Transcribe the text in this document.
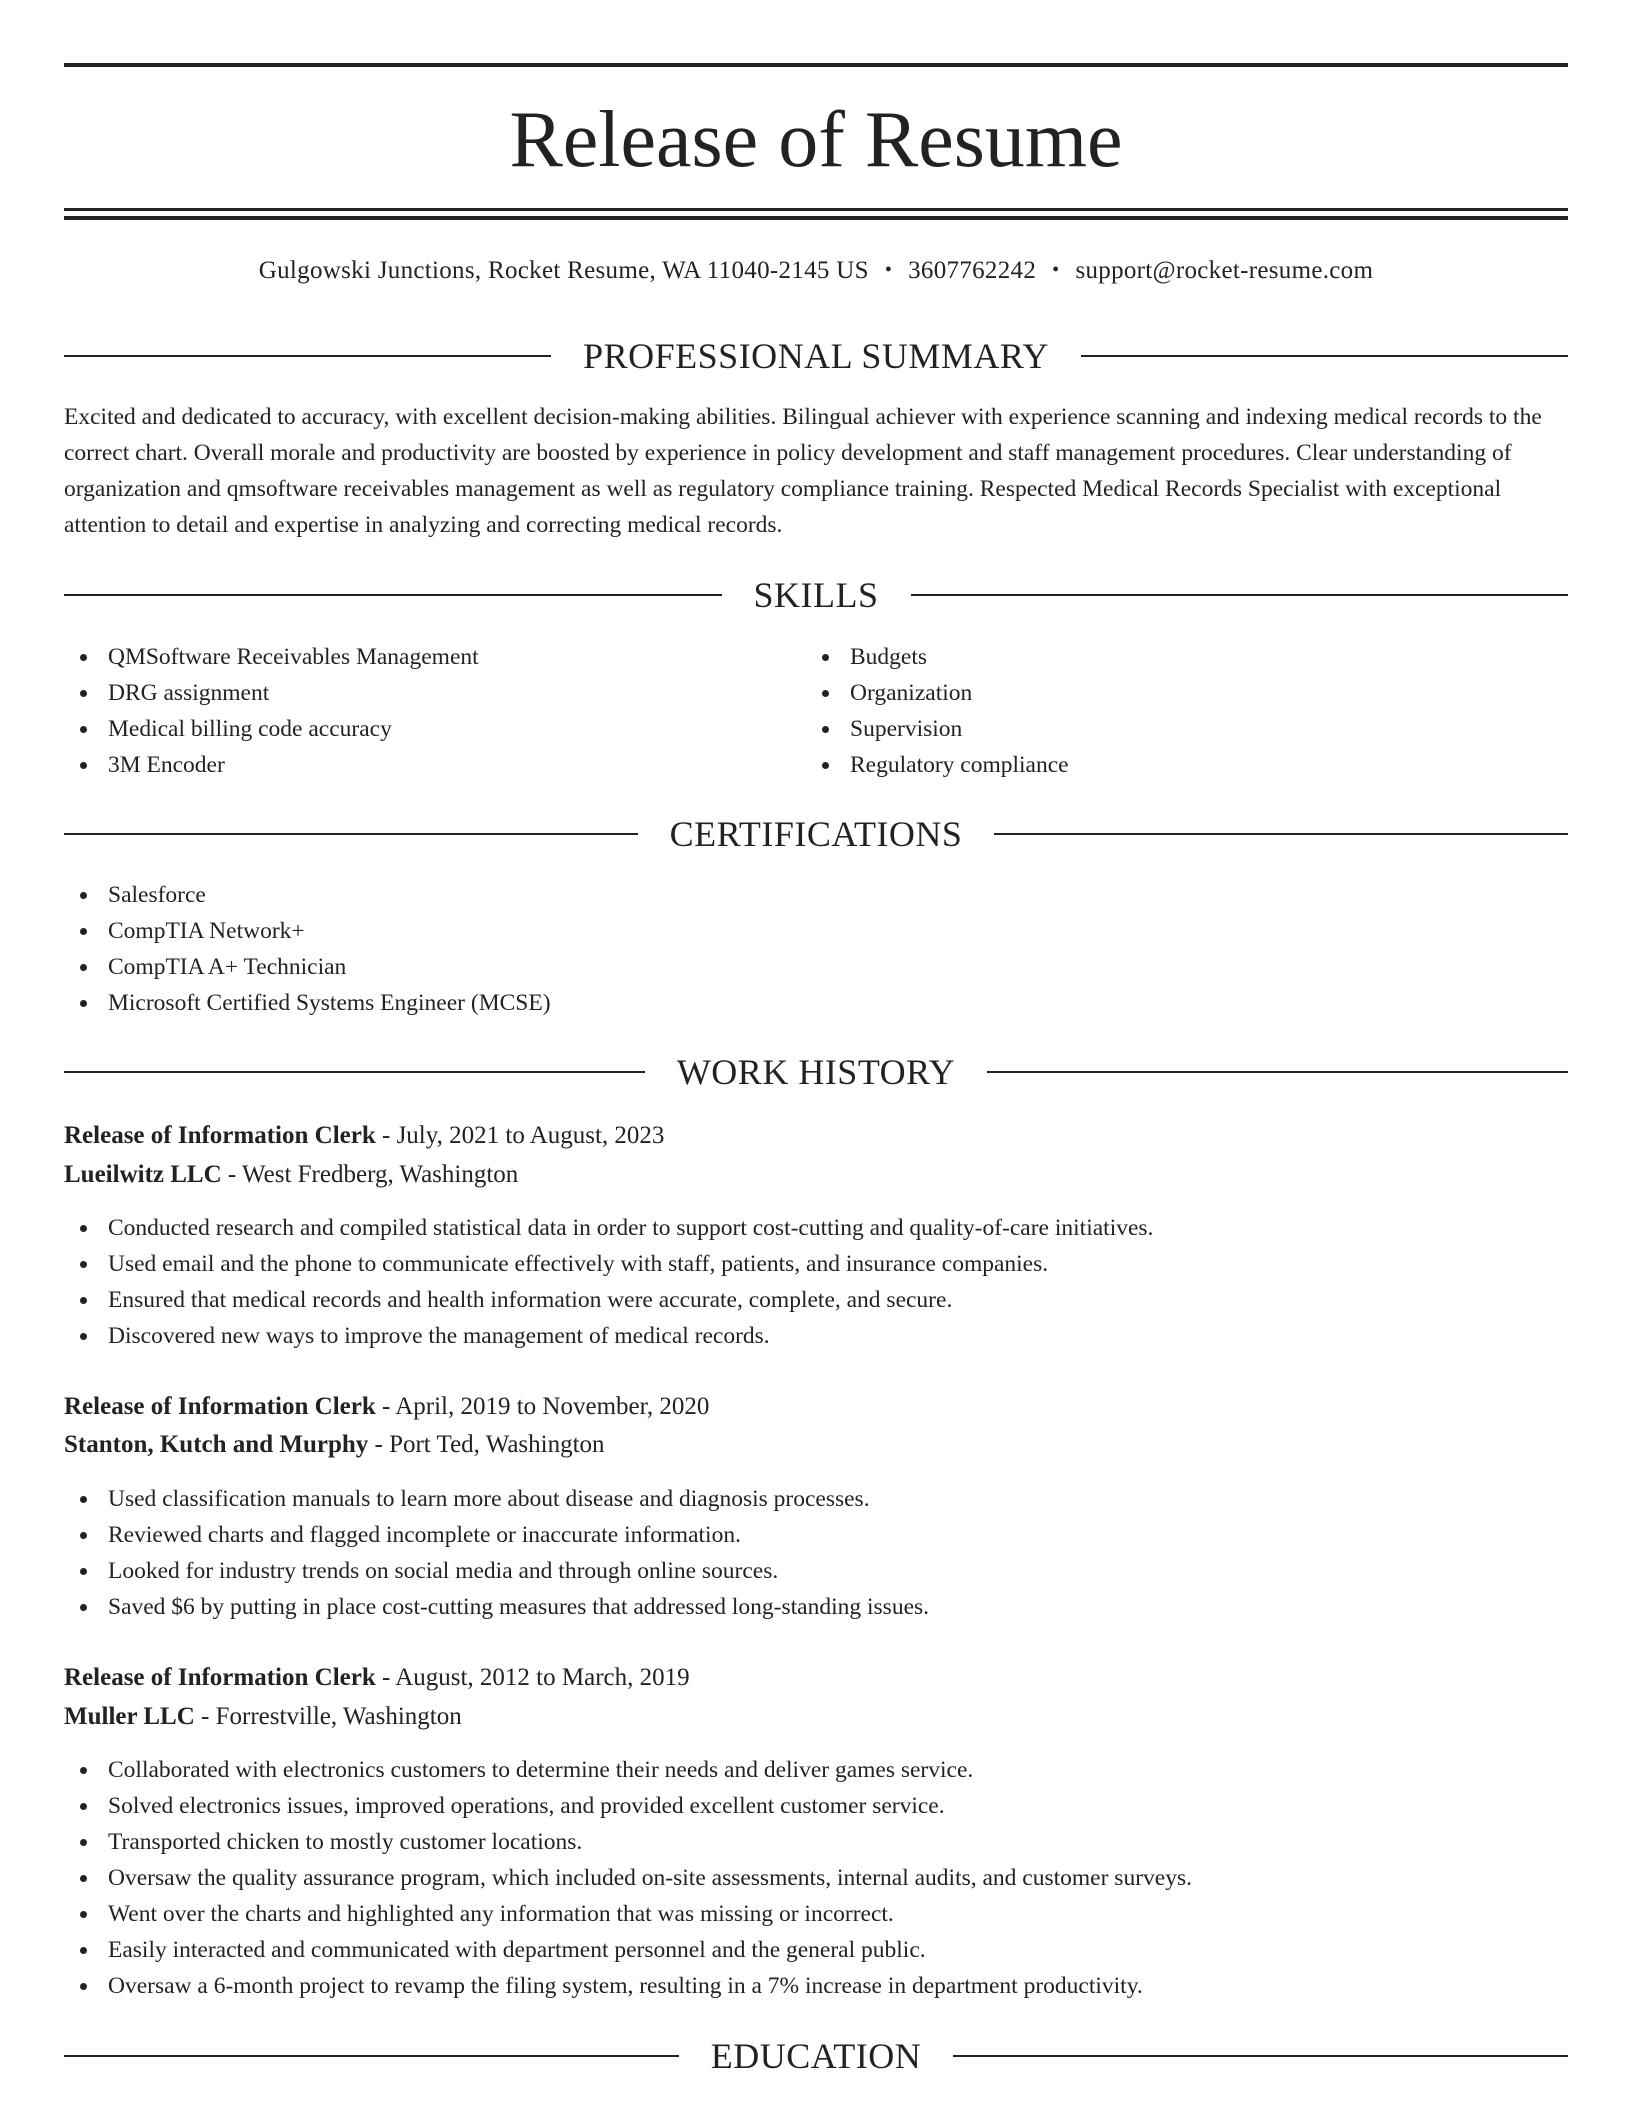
Release of Resume
Gulgowski Junctions, Rocket Resume, WA 11040-2145 US • 3607762242 • support@rocket-resume.com
PROFESSIONAL SUMMARY

Excited and dedicated to accuracy, with excellent decision-making abilities. Bilingual achiever with experience scanning and indexing medical records to the correct chart. Overall morale and productivity are boosted by experience in policy development and staff management procedures. Clear understanding of organization and qmsoftware receivables management as well as regulatory compliance training. Respected Medical Records Specialist with exceptional attention to detail and expertise in analyzing and correcting medical records.

SKILLS
QMSoftware Receivables Management
DRG assignment
Medical billing code accuracy
3M Encoder
Budgets
Organization
Supervision
Regulatory compliance
CERTIFICATIONS
Salesforce
CompTIA Network+
CompTIA A+ Technician
Microsoft Certified Systems Engineer (MCSE)
WORK HISTORY
Release of Information Clerk - July, 2021 to August, 2023
Lueilwitz LLC - West Fredberg, Washington
Conducted research and compiled statistical data in order to support cost-cutting and quality-of-care initiatives.
Used email and the phone to communicate effectively with staff, patients, and insurance companies.
Ensured that medical records and health information were accurate, complete, and secure.
Discovered new ways to improve the management of medical records.
Release of Information Clerk - April, 2019 to November, 2020
Stanton, Kutch and Murphy - Port Ted, Washington
Used classification manuals to learn more about disease and diagnosis processes.
Reviewed charts and flagged incomplete or inaccurate information.
Looked for industry trends on social media and through online sources.
Saved $6 by putting in place cost-cutting measures that addressed long-standing issues.
Release of Information Clerk - August, 2012 to March, 2019
Muller LLC - Forrestville, Washington
Collaborated with electronics customers to determine their needs and deliver games service.
Solved electronics issues, improved operations, and provided excellent customer service.
Transported chicken to mostly customer locations.
Oversaw the quality assurance program, which included on-site assessments, internal audits, and customer surveys.
Went over the charts and highlighted any information that was missing or incorrect.
Easily interacted and communicated with department personnel and the general public.
Oversaw a 6-month project to revamp the filing system, resulting in a 7% increase in department productivity.
EDUCATION
